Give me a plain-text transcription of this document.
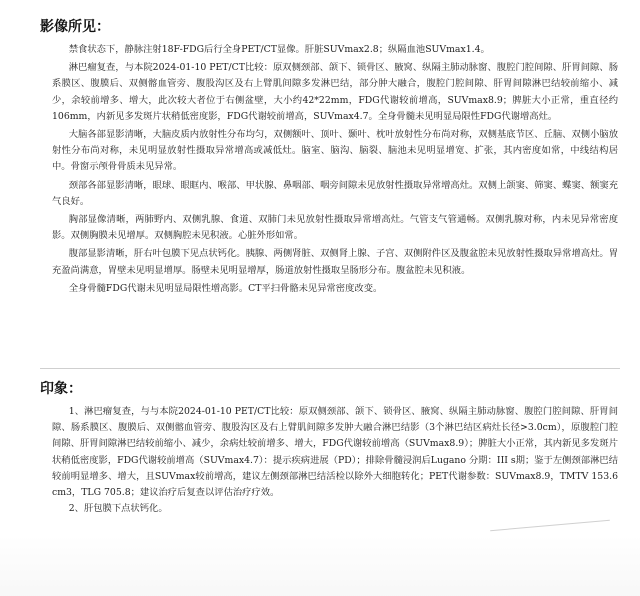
影像所见：

禁食状态下，静脉注射18F-FDG后行全身PET/CT显像。肝脏SUVmax2.8；纵隔血池SUVmax1.4。

淋巴瘤复查，与本院2024-01-10 PET/CT比较：原双侧颈部、颌下、锁骨区、腋窝、纵隔主肺动脉窗、腹腔门腔间隙、肝胃间隙、肠系膜区、腹膜后、双侧髂血管旁、腹股沟区及右上臂肌间隙多发淋巴结，部分肿大融合，腹腔门腔间隙、肝胃间隙淋巴结较前缩小、减少，余较前增多、增大，此次较大者位于右侧盆壁，大小约42*22mm，FDG代谢较前增高，SUVmax8.9；脾脏大小正常，重直径约106mm，内新见多发斑片状稍低密度影，FDG代谢较前增高，SUVmax4.7。全身骨髓未见明显局限性FDG代谢增高灶。

大脑各部显影清晰，大脑皮质内放射性分布均匀，双侧额叶、顶叶、颞叶、枕叶放射性分布尚对称，双侧基底节区、丘脑、双侧小脑放射性分布尚对称，未见明显放射性摄取异常增高或减低灶。脑室、脑沟、脑裂、脑池未见明显增宽、扩张，其内密度如常，中线结构居中。骨窗示颅骨骨质未见异常。

颈部各部显影清晰，眼球、眼眶内、喉部、甲状腺、鼻咽部、咽旁间隙未见放射性摄取异常增高灶。双侧上颌窦、筛窦、蝶窦、额窦充气良好。

胸部显像清晰，两肺野内、双侧乳腺、食道、双肺门未见放射性摄取异常增高灶。气管支气管通畅。双侧乳腺对称，内未见异常密度影。双侧胸膜未见增厚。双侧胸腔未见积液。心脏外形如常。

腹部显影清晰，肝右叶包膜下见点状钙化。胰腺、两侧肾脏、双侧肾上腺、子宫、双侧附件区及腹盆腔未见放射性摄取异常增高灶。胃充盈尚满意，胃壁未见明显增厚。肠壁未见明显增厚，肠道放射性摄取呈肠形分布。腹盆腔未见积液。

全身骨髓FDG代谢未见明显局限性增高影。CT平扫骨骼未见异常密度改变。

印象：

1、淋巴瘤复查，与与本院2024-01-10 PET/CT比较：原双侧颈部、颌下、锁骨区、腋窝、纵隔主肺动脉窗、腹腔门腔间隙、肝胃间隙、肠系膜区、腹膜后、双侧髂血管旁、腹股沟区及右上臂肌间隙多发肿大融合淋巴结影（3个淋巴结区病灶长径>3.0cm），原腹腔门腔间隙、肝胃间隙淋巴结较前缩小、减少，余病灶较前增多、增大，FDG代谢较前增高（SUVmax8.9）；脾脏大小正常，其内新见多发斑片状稍低密度影，FDG代谢较前增高（SUVmax4.7）：提示疾病进展（PD）；排除骨髓浸润后Lugano 分期：III s期；鉴于左侧颈部淋巴结较前明显增多、增大，且SUVmax较前增高，建议左侧颈部淋巴结活检以除外大细胞转化；PET代谢参数：SUVmax8.9，TMTV 153.6 cm3，TLG 705.8；建议治疗后复查以评估治疗疗效。

2、肝包膜下点状钙化。
